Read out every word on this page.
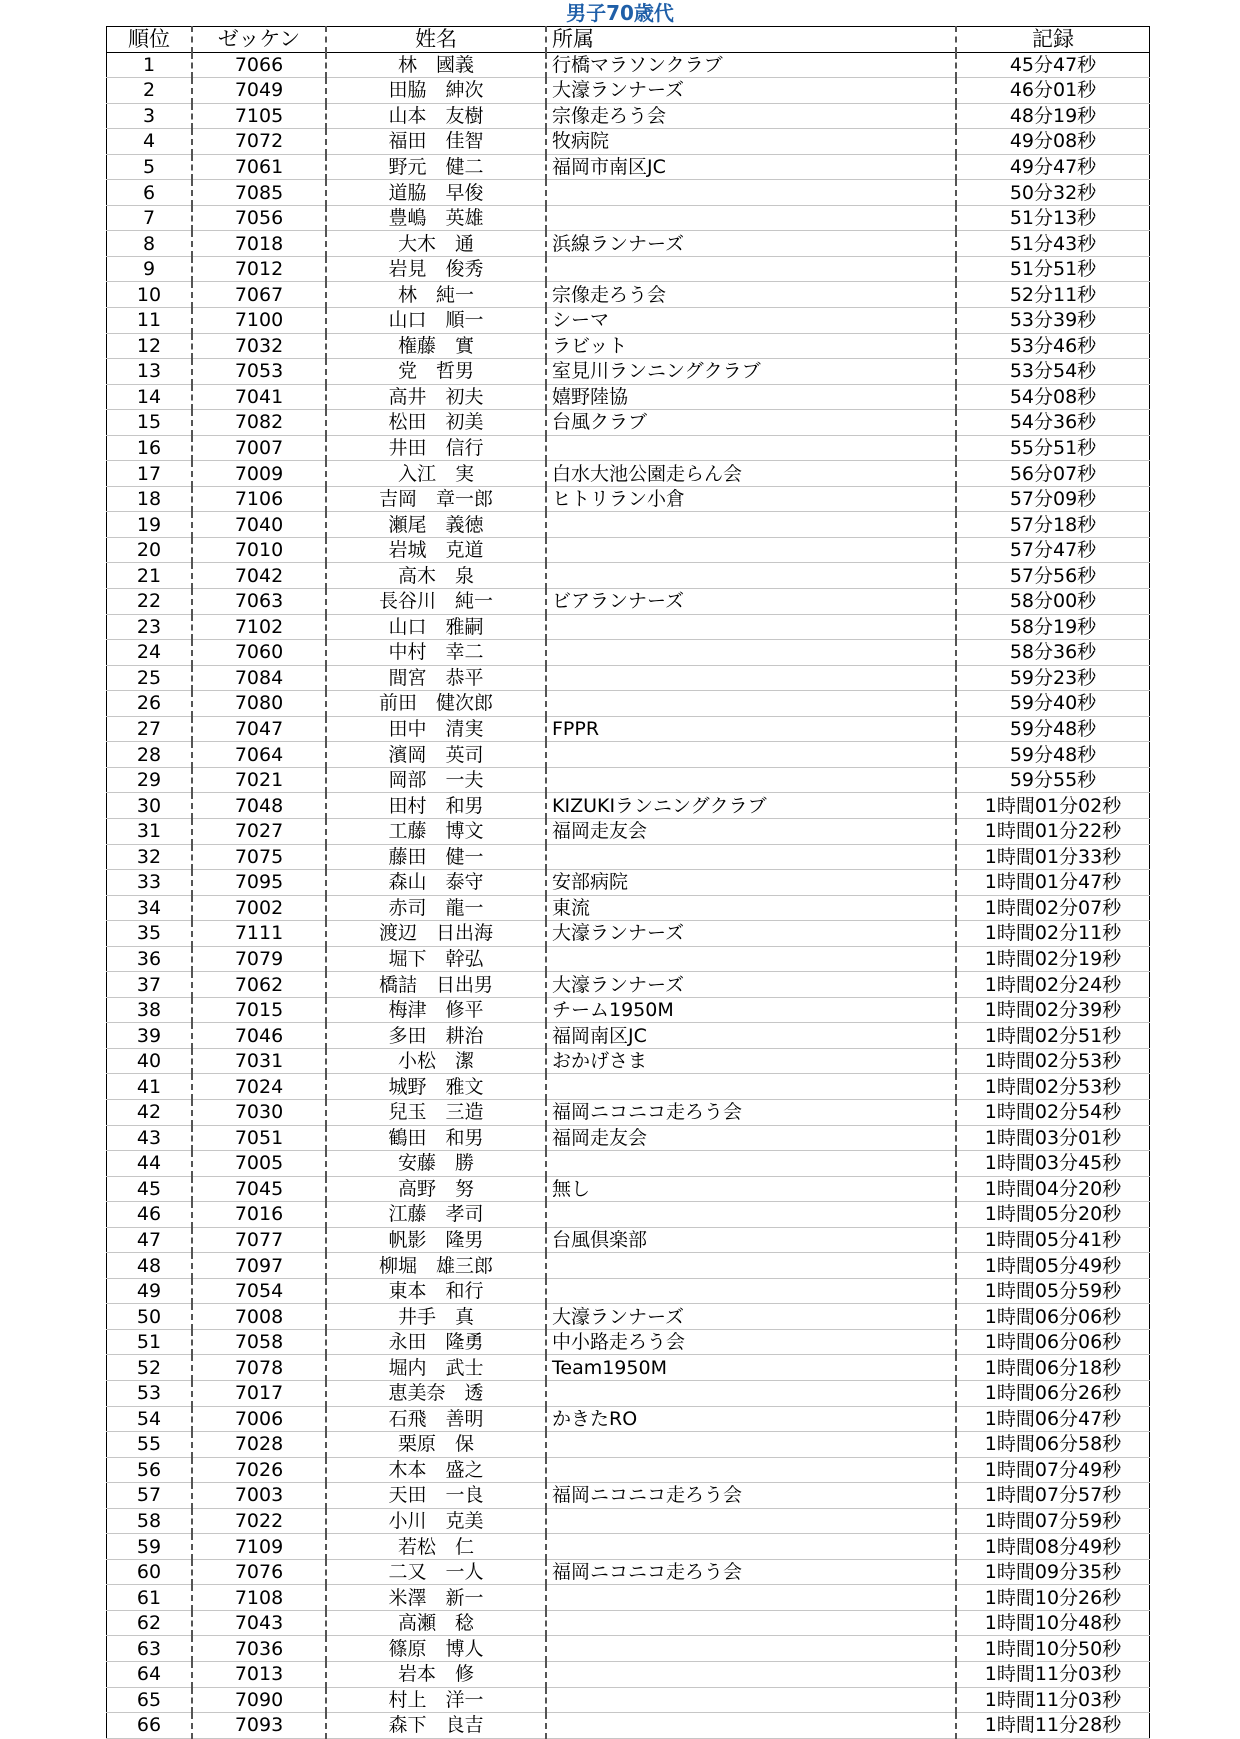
男子70歳代
順位	ゼッケン	姓名	所属	記録
1	7066	林　國義	行橋マラソンクラブ	45分47秒
2	7049	田脇　紳次	大濠ランナーズ	46分01秒
3	7105	山本　友樹	宗像走ろう会	48分19秒
4	7072	福田　佳智	牧病院	49分08秒
5	7061	野元　健二	福岡市南区JC	49分47秒
6	7085	道脇　早俊		50分32秒
7	7056	豊嶋　英雄		51分13秒
8	7018	大木　通	浜線ランナーズ	51分43秒
9	7012	岩見　俊秀		51分51秒
10	7067	林　純一	宗像走ろう会	52分11秒
11	7100	山口　順一	シーマ	53分39秒
12	7032	権藤　實	ラビット	53分46秒
13	7053	党　哲男	室見川ランニングクラブ	53分54秒
14	7041	高井　初夫	嬉野陸協	54分08秒
15	7082	松田　初美	台風クラブ	54分36秒
16	7007	井田　信行		55分51秒
17	7009	入江　実	白水大池公園走らん会	56分07秒
18	7106	吉岡　章一郎	ヒトリラン小倉	57分09秒
19	7040	瀬尾　義徳		57分18秒
20	7010	岩城　克道		57分47秒
21	7042	高木　泉		57分56秒
22	7063	長谷川　純一	ビアランナーズ	58分00秒
23	7102	山口　雅嗣		58分19秒
24	7060	中村　幸二		58分36秒
25	7084	間宮　恭平		59分23秒
26	7080	前田　健次郎		59分40秒
27	7047	田中　清実	FPPR	59分48秒
28	7064	濱岡　英司		59分48秒
29	7021	岡部　一夫		59分55秒
30	7048	田村　和男	KIZUKIランニングクラブ	1時間01分02秒
31	7027	工藤　博文	福岡走友会	1時間01分22秒
32	7075	藤田　健一		1時間01分33秒
33	7095	森山　泰守	安部病院	1時間01分47秒
34	7002	赤司　龍一	東流	1時間02分07秒
35	7111	渡辺　日出海	大濠ランナーズ	1時間02分11秒
36	7079	堀下　幹弘		1時間02分19秒
37	7062	橋詰　日出男	大濠ランナーズ	1時間02分24秒
38	7015	梅津　修平	チーム1950M	1時間02分39秒
39	7046	多田　耕治	福岡南区JC	1時間02分51秒
40	7031	小松　潔	おかげさま	1時間02分53秒
41	7024	城野　雅文		1時間02分53秒
42	7030	兒玉　三造	福岡ニコニコ走ろう会	1時間02分54秒
43	7051	鶴田　和男	福岡走友会	1時間03分01秒
44	7005	安藤　勝		1時間03分45秒
45	7045	高野　努	無し	1時間04分20秒
46	7016	江藤　孝司		1時間05分20秒
47	7077	帆影　隆男	台風倶楽部	1時間05分41秒
48	7097	柳堀　雄三郎		1時間05分49秒
49	7054	東本　和行		1時間05分59秒
50	7008	井手　真	大濠ランナーズ	1時間06分06秒
51	7058	永田　隆勇	中小路走ろう会	1時間06分06秒
52	7078	堀内　武士	Team1950M	1時間06分18秒
53	7017	恵美奈　透		1時間06分26秒
54	7006	石飛　善明	かきたRO	1時間06分47秒
55	7028	栗原　保		1時間06分58秒
56	7026	木本　盛之		1時間07分49秒
57	7003	天田　一良	福岡ニコニコ走ろう会	1時間07分57秒
58	7022	小川　克美		1時間07分59秒
59	7109	若松　仁		1時間08分49秒
60	7076	二又　一人	福岡ニコニコ走ろう会	1時間09分35秒
61	7108	米澤　新一		1時間10分26秒
62	7043	高瀬　稔		1時間10分48秒
63	7036	篠原　博人		1時間10分50秒
64	7013	岩本　修		1時間11分03秒
65	7090	村上　洋一		1時間11分03秒
66	7093	森下　良吉		1時間11分28秒
